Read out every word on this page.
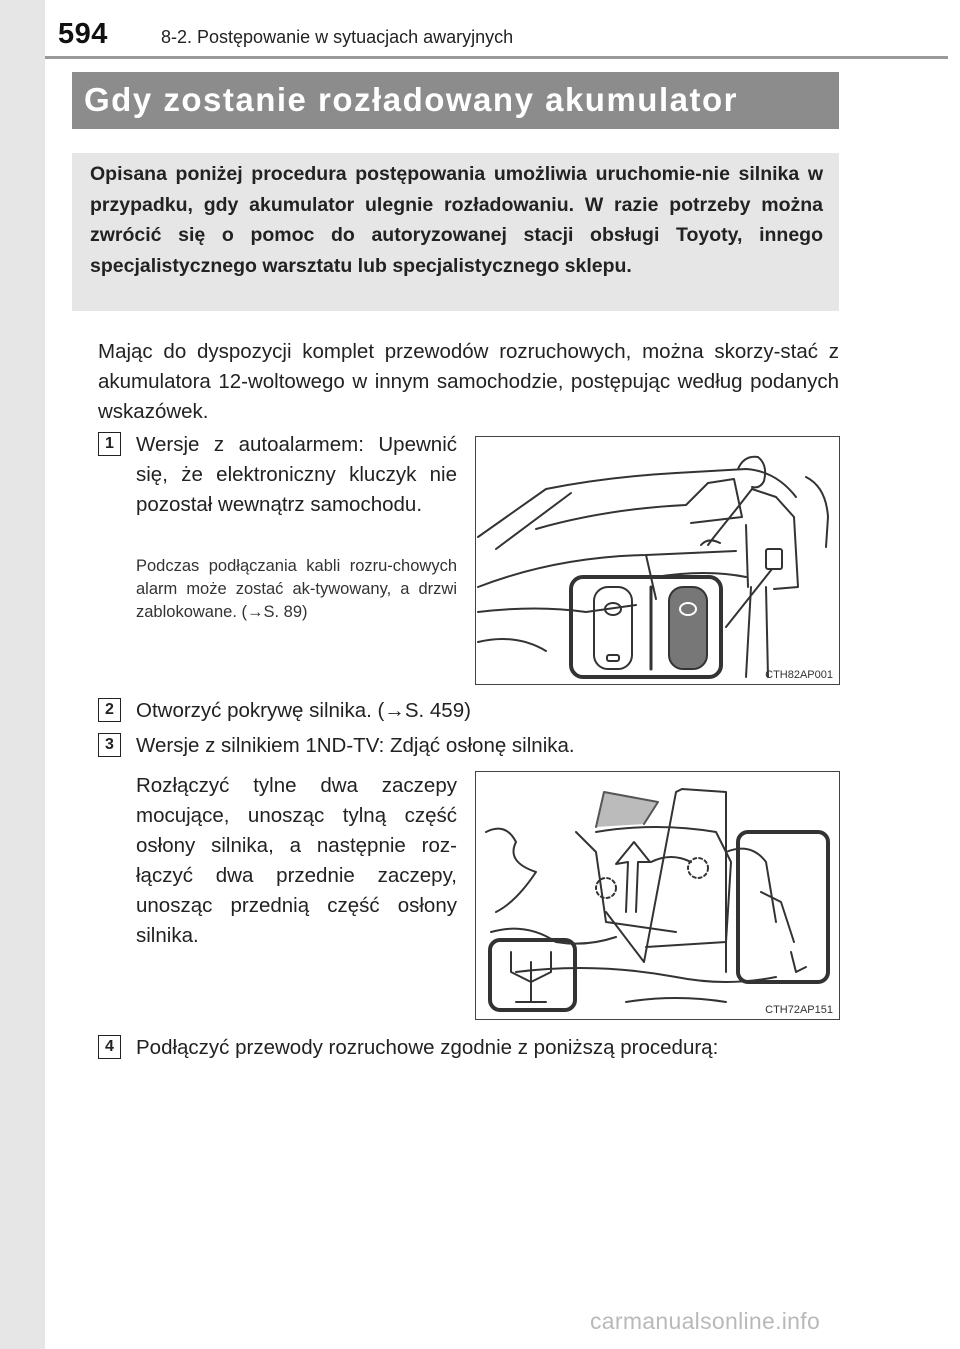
594	8-2. Postępowanie w sytuacjach awaryjnych
Gdy zostanie rozładowany akumulator
Opisana poniżej procedura postępowania umożliwia uruchomie-nie silnika w przypadku, gdy akumulator ulegnie rozładowaniu. W razie potrzeby można zwrócić się o pomoc do autoryzowanej stacji obsługi Toyoty, innego specjalistycznego warsztatu lub specjalistycznego sklepu.
Mając do dyspozycji komplet przewodów rozruchowych, można skorzy-stać z akumulatora 12-woltowego w innym samochodzie, postępując według podanych wskazówek.
1	Wersje z autoalarmem: Upewnić się, że elektroniczny kluczyk nie pozostał wewnątrz samochodu.
Podczas podłączania kabli rozru-chowych alarm może zostać ak-tywowany, a drzwi zablokowane. (→S. 89)
CTH82AP001
2	Otworzyć pokrywę silnika. (→S. 459)
3	Wersje z silnikiem 1ND-TV: Zdjąć osłonę silnika.
Rozłączyć tylne dwa zaczepy mocujące, unosząc tylną część osłony silnika, a następnie roz-łączyć dwa przednie zaczepy, unosząc przednią część osłony silnika.
CTH72AP151
4	Podłączyć przewody rozruchowe zgodnie z poniższą procedurą:
carmanualsonline.info
